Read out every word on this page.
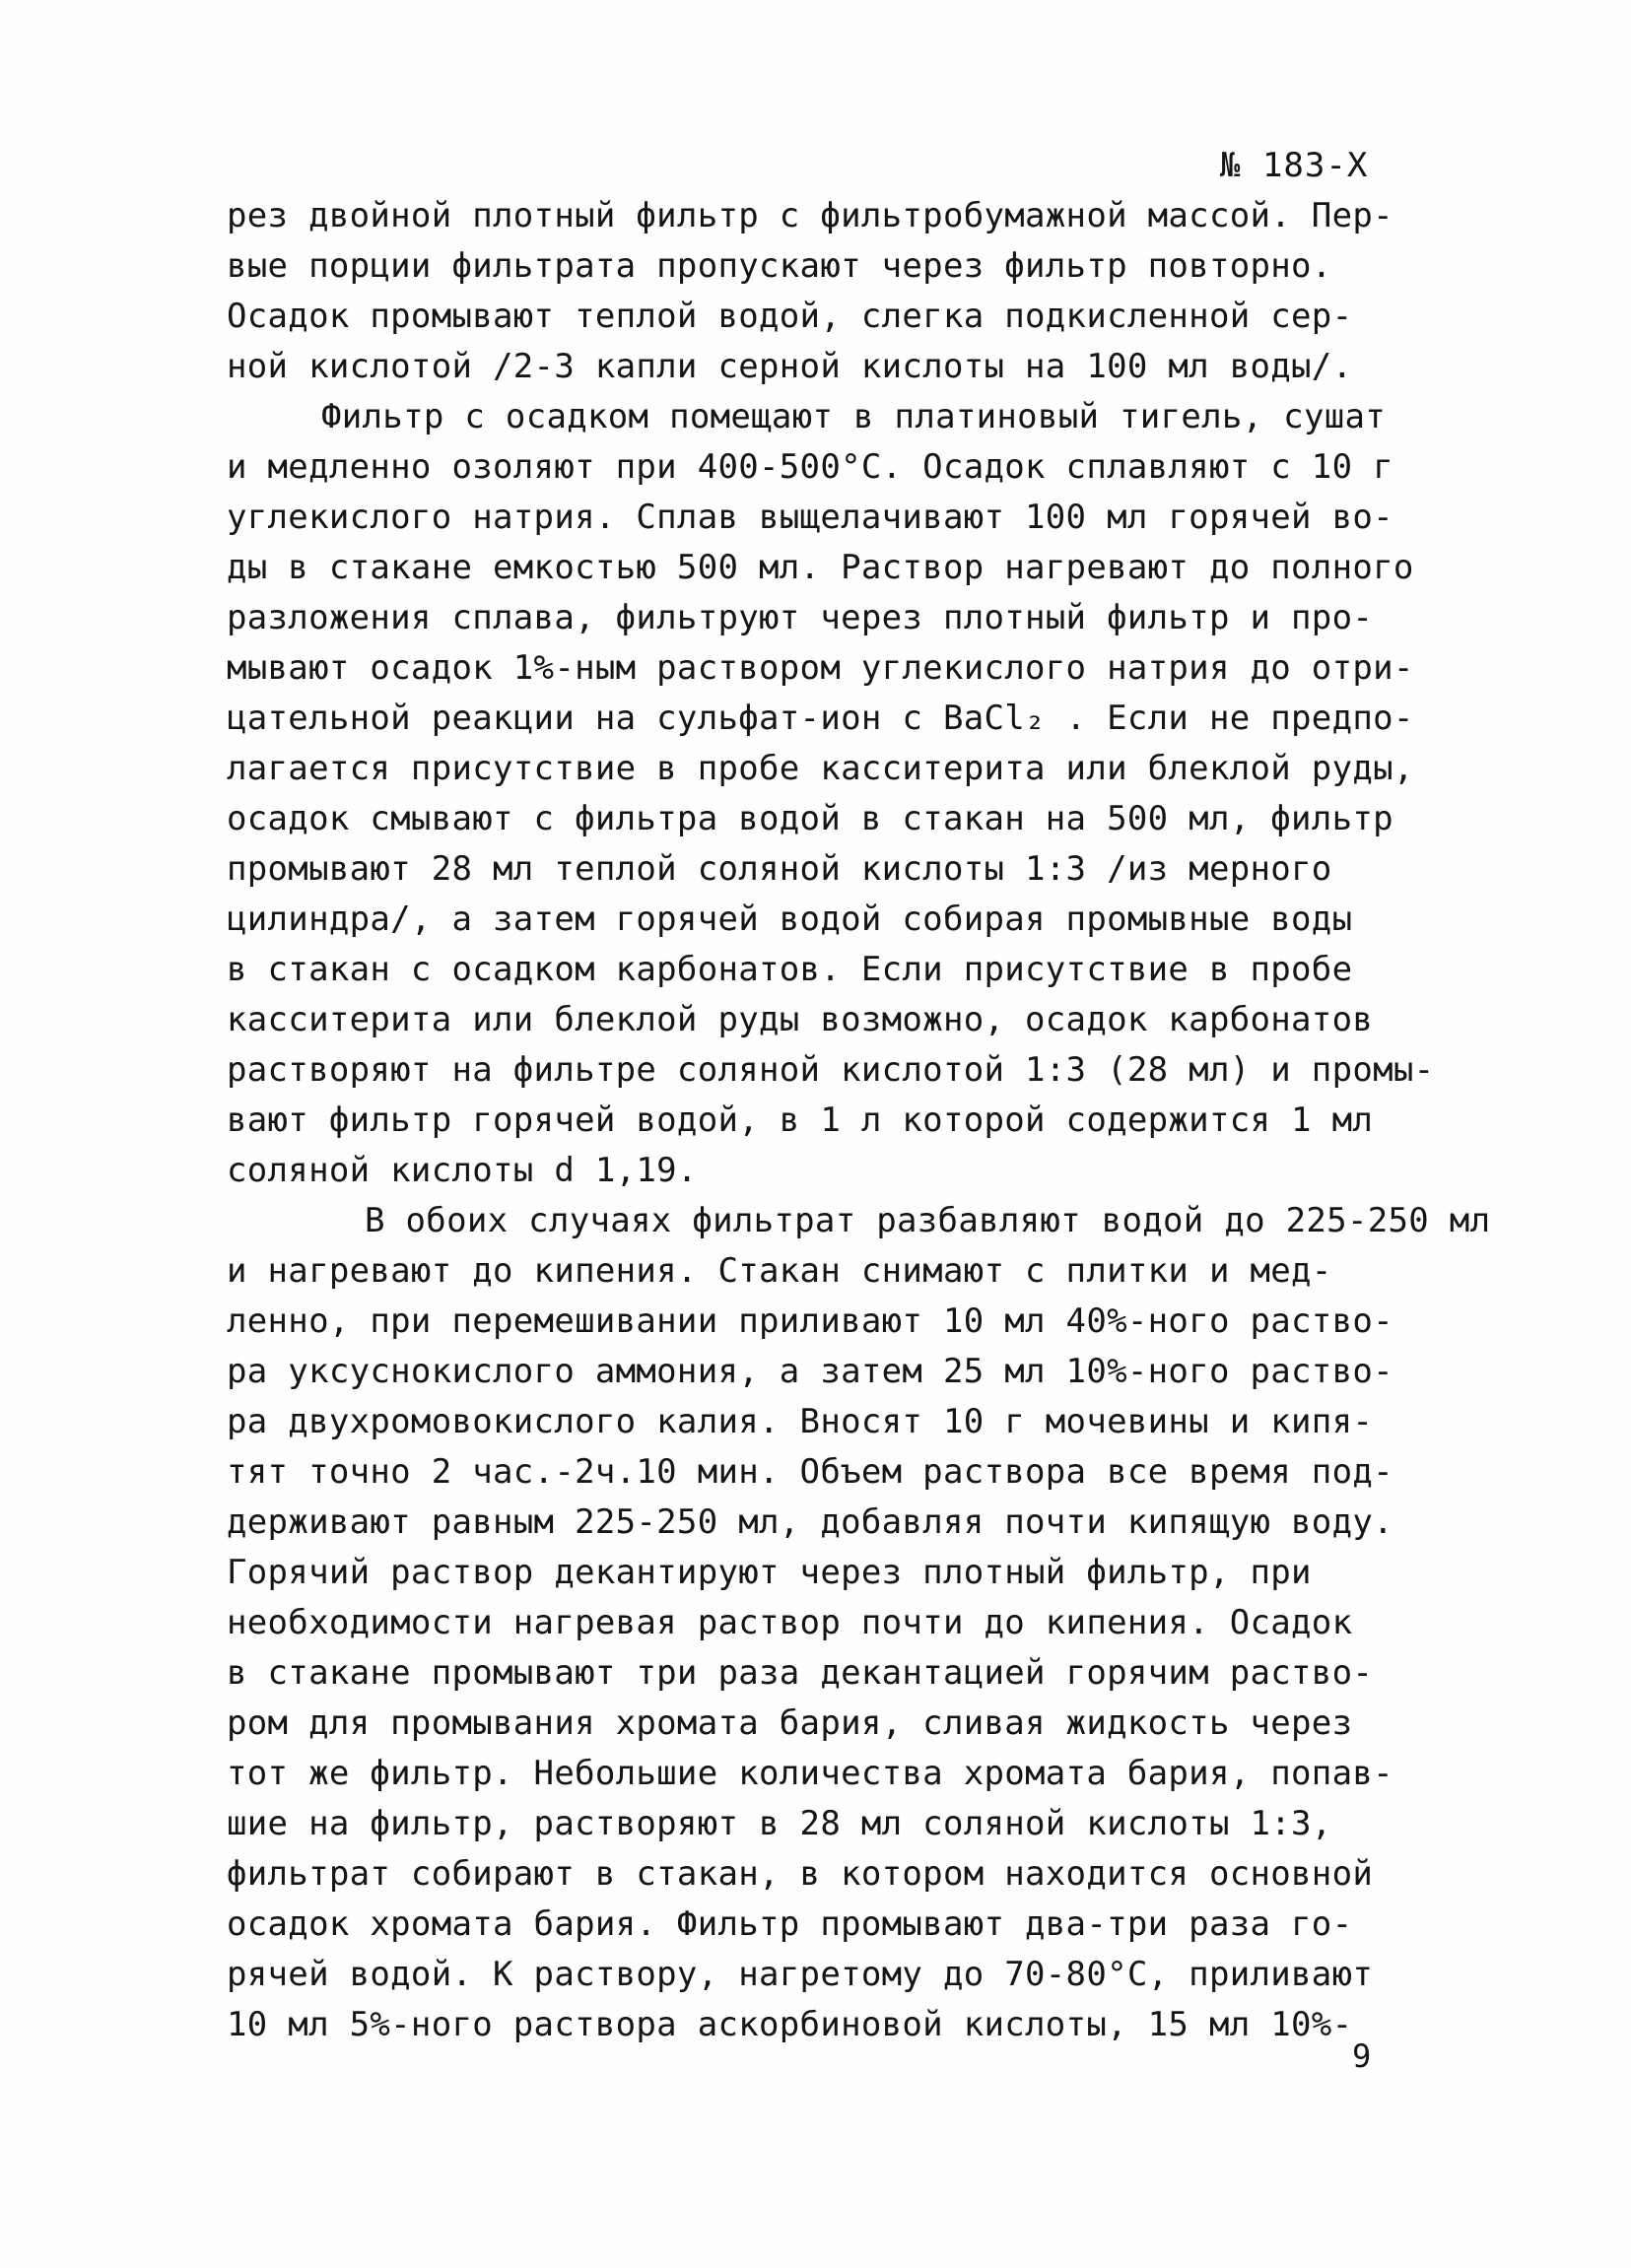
№ 183-Х
рез двойной плотный фильтр с фильтробумажной массой. Пер-
вые порции фильтрата пропускают через фильтр повторно.
Осадок промывают теплой водой, слегка подкисленной сер-
ной кислотой /2-3 капли серной кислоты на 100 мл воды/.
Фильтр с осадком помещают в платиновый тигель, сушат
и медленно озоляют при 400-500°С. Осадок сплавляют с 10 г
углекислого натрия. Сплав выщелачивают 100 мл горячей во-
ды в стакане емкостью 500 мл. Раствор нагревают до полного
разложения сплава, фильтруют через плотный фильтр и про-
мывают осадок 1%-ным раствором углекислого натрия до отри-
цательной реакции на сульфат-ион с BaCl₂ . Если не предпо-
лагается присутствие в пробе касситерита или блеклой руды,
осадок смывают с фильтра водой в стакан на 500 мл, фильтр
промывают 28 мл теплой соляной кислоты 1:3 /из мерного
цилиндра/, а затем горячей водой собирая промывные воды
в стакан с осадком карбонатов. Если присутствие в пробе
касситерита или блеклой руды возможно, осадок карбонатов
растворяют на фильтре соляной кислотой 1:3 (28 мл) и промы-
вают фильтр горячей водой, в 1 л которой содержится 1 мл
соляной кислоты d 1,19.
В обоих случаях фильтрат разбавляют водой до 225-250 мл
и нагревают до кипения. Стакан снимают с плитки и мед-
ленно, при перемешивании приливают 10 мл 40%-ного раство-
ра уксуснокислого аммония, а затем 25 мл 10%-ного раство-
ра двухромовокислого калия. Вносят 10 г мочевины и кипя-
тят точно 2 час.-2ч.10 мин. Объем раствора все время под-
держивают равным 225-250 мл, добавляя почти кипящую воду.
Горячий раствор декантируют через плотный фильтр, при
необходимости нагревая раствор почти до кипения. Осадок
в стакане промывают три раза декантацией горячим раство-
ром для промывания хромата бария, сливая жидкость через
тот же фильтр. Небольшие количества хромата бария, попав-
шие на фильтр, растворяют в 28 мл соляной кислоты 1:3,
фильтрат собирают в стакан, в котором находится основной
осадок хромата бария. Фильтр промывают два-три раза го-
рячей водой. К раствору, нагретому до 70-80°С, приливают
10 мл 5%-ного раствора аскорбиновой кислоты, 15 мл 10%-
9
